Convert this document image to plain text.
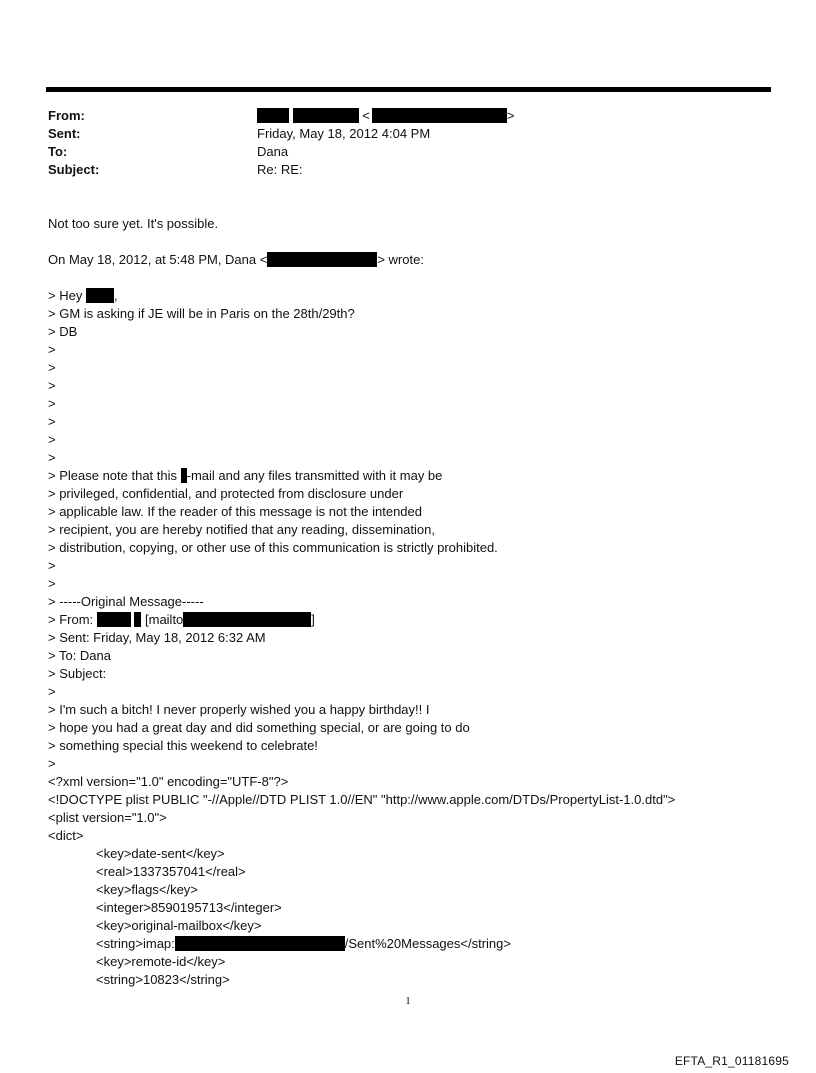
From:	<	>
Sent:	Friday, May 18, 2012 4:04 PM
To:	Dana
Subject:	Re: RE:
Not too sure yet. It's possible.
On May 18, 2012, at 5:48 PM, Dana <	> wrote:
> Hey ,
> GM is asking if JE will be in Paris on the 28th/29th?
> DB
>
>
>
>
>
>
>
> Please note that this -mail and any files transmitted with it may be
> privileged, confidential, and protected from disclosure under
> applicable law. If the reader of this message is not the intended
> recipient, you are hereby notified that any reading, dissemination,
> distribution, copying, or other use of this communication is strictly prohibited.
>
>
> -----Original Message-----
> From:	[mailto	]
> Sent: Friday, May 18, 2012 6:32 AM
> To: Dana
> Subject:
>
> I'm such a bitch! I never properly wished you a happy birthday!! I
> hope you had a great day and did something special, or are going to do
> something special this weekend to celebrate!
>
<?xml version="1.0" encoding="UTF-8"?>
<!DOCTYPE plist PUBLIC "-//Apple//DTD PLIST 1.0//EN" "http://www.apple.com/DTDs/PropertyList-1.0.dtd">
<plist version="1.0">
<dict>
<key>date-sent</key>
<real>1337357041</real>
<key>flags</key>
<integer>8590195713</integer>
<key>original-mailbox</key>
<string>imap:	/Sent%20Messages</string>
<key>remote-id</key>
<string>10823</string>
1
EFTA_R1_01181695
